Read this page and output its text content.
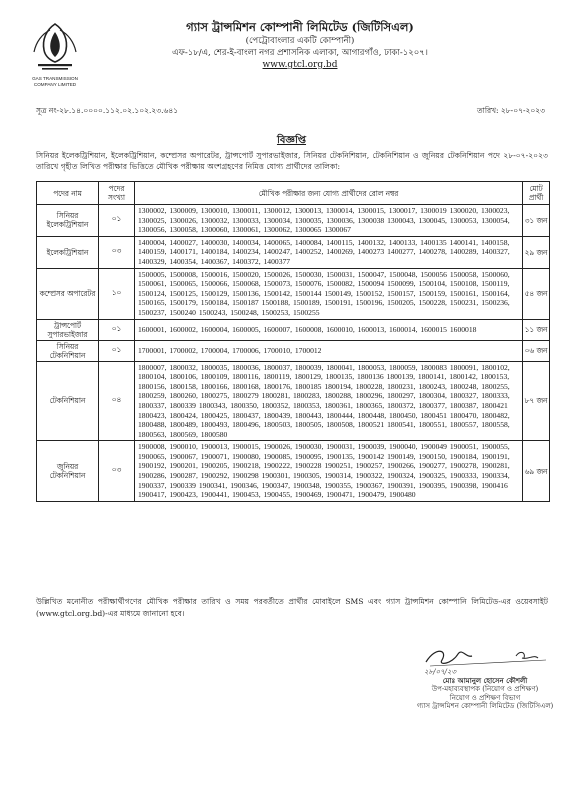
GAS TRANSMISSION
COMPANY LIMITED
গ্যাস ট্রান্সমিশন কোম্পানী লিমিটেড (জিটিসিএল)
(পেট্রোবাংলার একটি কোম্পানী)
এফ-১৮/এ, শের-ই-বাংলা নগর প্রশাসনিক এলাকা, আগারগাঁও, ঢাকা-১২০৭।
www.gtcl.org.bd
সূত্র নং-২৮.১৪.০০০০.১১২.০২.১০২.২৩.৬৪১	তারিখ: ২৮-০৭-২০২৩
বিজ্ঞপ্তি
সিনিয়র ইলেকট্রিশিয়ান, ইলেকট্রিশিয়ান, কম্প্রেসর অপারেটর, ট্রান্সপোর্ট সুপারভাইজার, সিনিয়র টেকনিশিয়ান, টেকনিশিয়ান ও জুনিয়র টেকনিশিয়ান পদে ২৮-০৭-২০২৩ তারিখে গৃহীত লিখিত পরীক্ষার ভিত্তিতে মৌখিক পরীক্ষায় অংশগ্রহণের নিমিত্ত যোগ্য প্রার্থীদের তালিকা:
পদের নাম	পদের সংখ্যা	মৌখিক পরীক্ষার জন্য যোগ্য প্রার্থীদের রোল নম্বর	মোট প্রার্থী
সিনিয়র ইলেকট্রিশিয়ান	০১	1300002, 1300009, 1300010, 1300011, 1300012, 1300013, 1300014, 1300015, 1300017, 1300019 1300020, 1300023, 1300025, 1300026, 1300032, 1300033, 1300034, 1300035, 1300036, 1300038 1300043, 1300045, 1300053, 1300054, 1300056, 1300058, 1300060, 1300061, 1300062, 1300065 1300067	৩১ জন
ইলেকট্রিশিয়ান	০৩	1400004, 1400027, 1400030, 1400034, 1400065, 1400084, 1400115, 1400132, 1400133, 1400135 1400141, 1400158, 1400159, 1400171, 1400184, 1400234, 1400247, 1400252, 1400269, 1400273 1400277, 1400278, 1400289, 1400327, 1400329, 1400354, 1400367, 1400372, 1400377	২৯ জন
কম্প্রেসর অপারেটর	১০	1500005, 1500008, 1500016, 1500020, 1500026, 1500030, 1500031, 1500047, 1500048, 1500056 1500058, 1500060, 1500061, 1500065, 1500066, 1500068, 1500073, 1500076, 1500082, 1500094 1500099, 1500104, 1500108, 1500119, 1500124, 1500125, 1500129, 1500136, 1500142, 1500144 1500149, 1500152, 1500157, 1500159, 1500161, 1500164, 1500165, 1500179, 1500184, 1500187 1500188, 1500189, 1500191, 1500196, 1500205, 1500228, 1500231, 1500236, 1500237, 1500240 1500243, 1500248, 1500253, 1500255	৫৪ জন
ট্রান্সপোর্ট সুপারভাইজার	০১	1600001, 1600002, 1600004, 1600005, 1600007, 1600008, 1600010, 1600013, 1600014, 1600015 1600018	১১ জন
সিনিয়র টেকনিশিয়ান	০১	1700001, 1700002, 1700004, 1700006, 1700010, 1700012	০৬ জন
টেকনিশিয়ান	০৪	1800007, 1800032, 1800035, 1800036, 1800037, 1800039, 1800041, 1800053, 1800059, 1800083 1800091, 1800102, 1800104, 1800106, 1800109, 1800116, 1800119, 1800129, 1800135, 1800136 1800139, 1800141, 1800142, 1800153, 1800156, 1800158, 1800166, 1800168, 1800176, 1800185 1800194, 1800228, 1800231, 1800243, 1800248, 1800255, 1800259, 1800260, 1800275, 1800279 1800281, 1800283, 1800288, 1800296, 1800297, 1800304, 1800327, 1800333, 1800337, 1800339 1800343, 1800350, 1800352, 1800353, 1800361, 1800365, 1800372, 1800377, 1800387, 1800421 1800423, 1800424, 1800425, 1800437, 1800439, 1800443, 1800444, 1800448, 1800450, 1800451 1800470, 1800482, 1800488, 1800489, 1800493, 1800496, 1800503, 1800505, 1800508, 1800521 1800541, 1800551, 1800557, 1800558, 1800563, 1800569, 1800580	৮৭ জন
জুনিয়র টেকনিশিয়ান	০৩	1900008, 1900010, 1900013, 1900015, 1900026, 1900030, 1900031, 1900039, 1900040, 1900049 1900051, 1900055, 1900065, 1900067, 1900071, 1900080, 1900085, 1900095, 1900135, 1900142 1900149, 1900150, 1900184, 1900191, 1900192, 1900201, 1900205, 1900218, 1900222, 1900228 1900251, 1900257, 1900266, 1900277, 1900278, 1900281, 1900286, 1900287, 1900292, 1900298 1900301, 1900305, 1900314, 1900322, 1900324, 1900325, 1900333, 1900334, 1900337, 1900339 1900341, 1900346, 1900347, 1900348, 1900355, 1900367, 1900391, 1900395, 1900398, 1900416 1900417, 1900423, 1900441, 1900453, 1900455, 1900469, 1900471, 1900479, 1900480	৬৯ জন
উল্লিখিত মনোনীত পরীক্ষার্থীগণের মৌখিক পরীক্ষার তারিখ ও সময় পরবর্তীতে প্রার্থীর মোবাইলে SMS এবং গ্যাস ট্রান্সমিশন কোম্পানি লিমিটেড-এর ওয়েবসাইট (www.gtcl.org.bd)-এর মাধ্যমে জানানো হবে।
২৮/০৭/২৩
মোঃ আমানুল হোসেন কৌশলী
উপ-মহাব্যবস্থাপক (নিয়োগ ও প্রশিক্ষণ)
নিয়োগ ও প্রশিক্ষণ বিভাগ
গ্যাস ট্রান্সমিশন কোম্পানী লিমিটেড (জিটিসিএল)
